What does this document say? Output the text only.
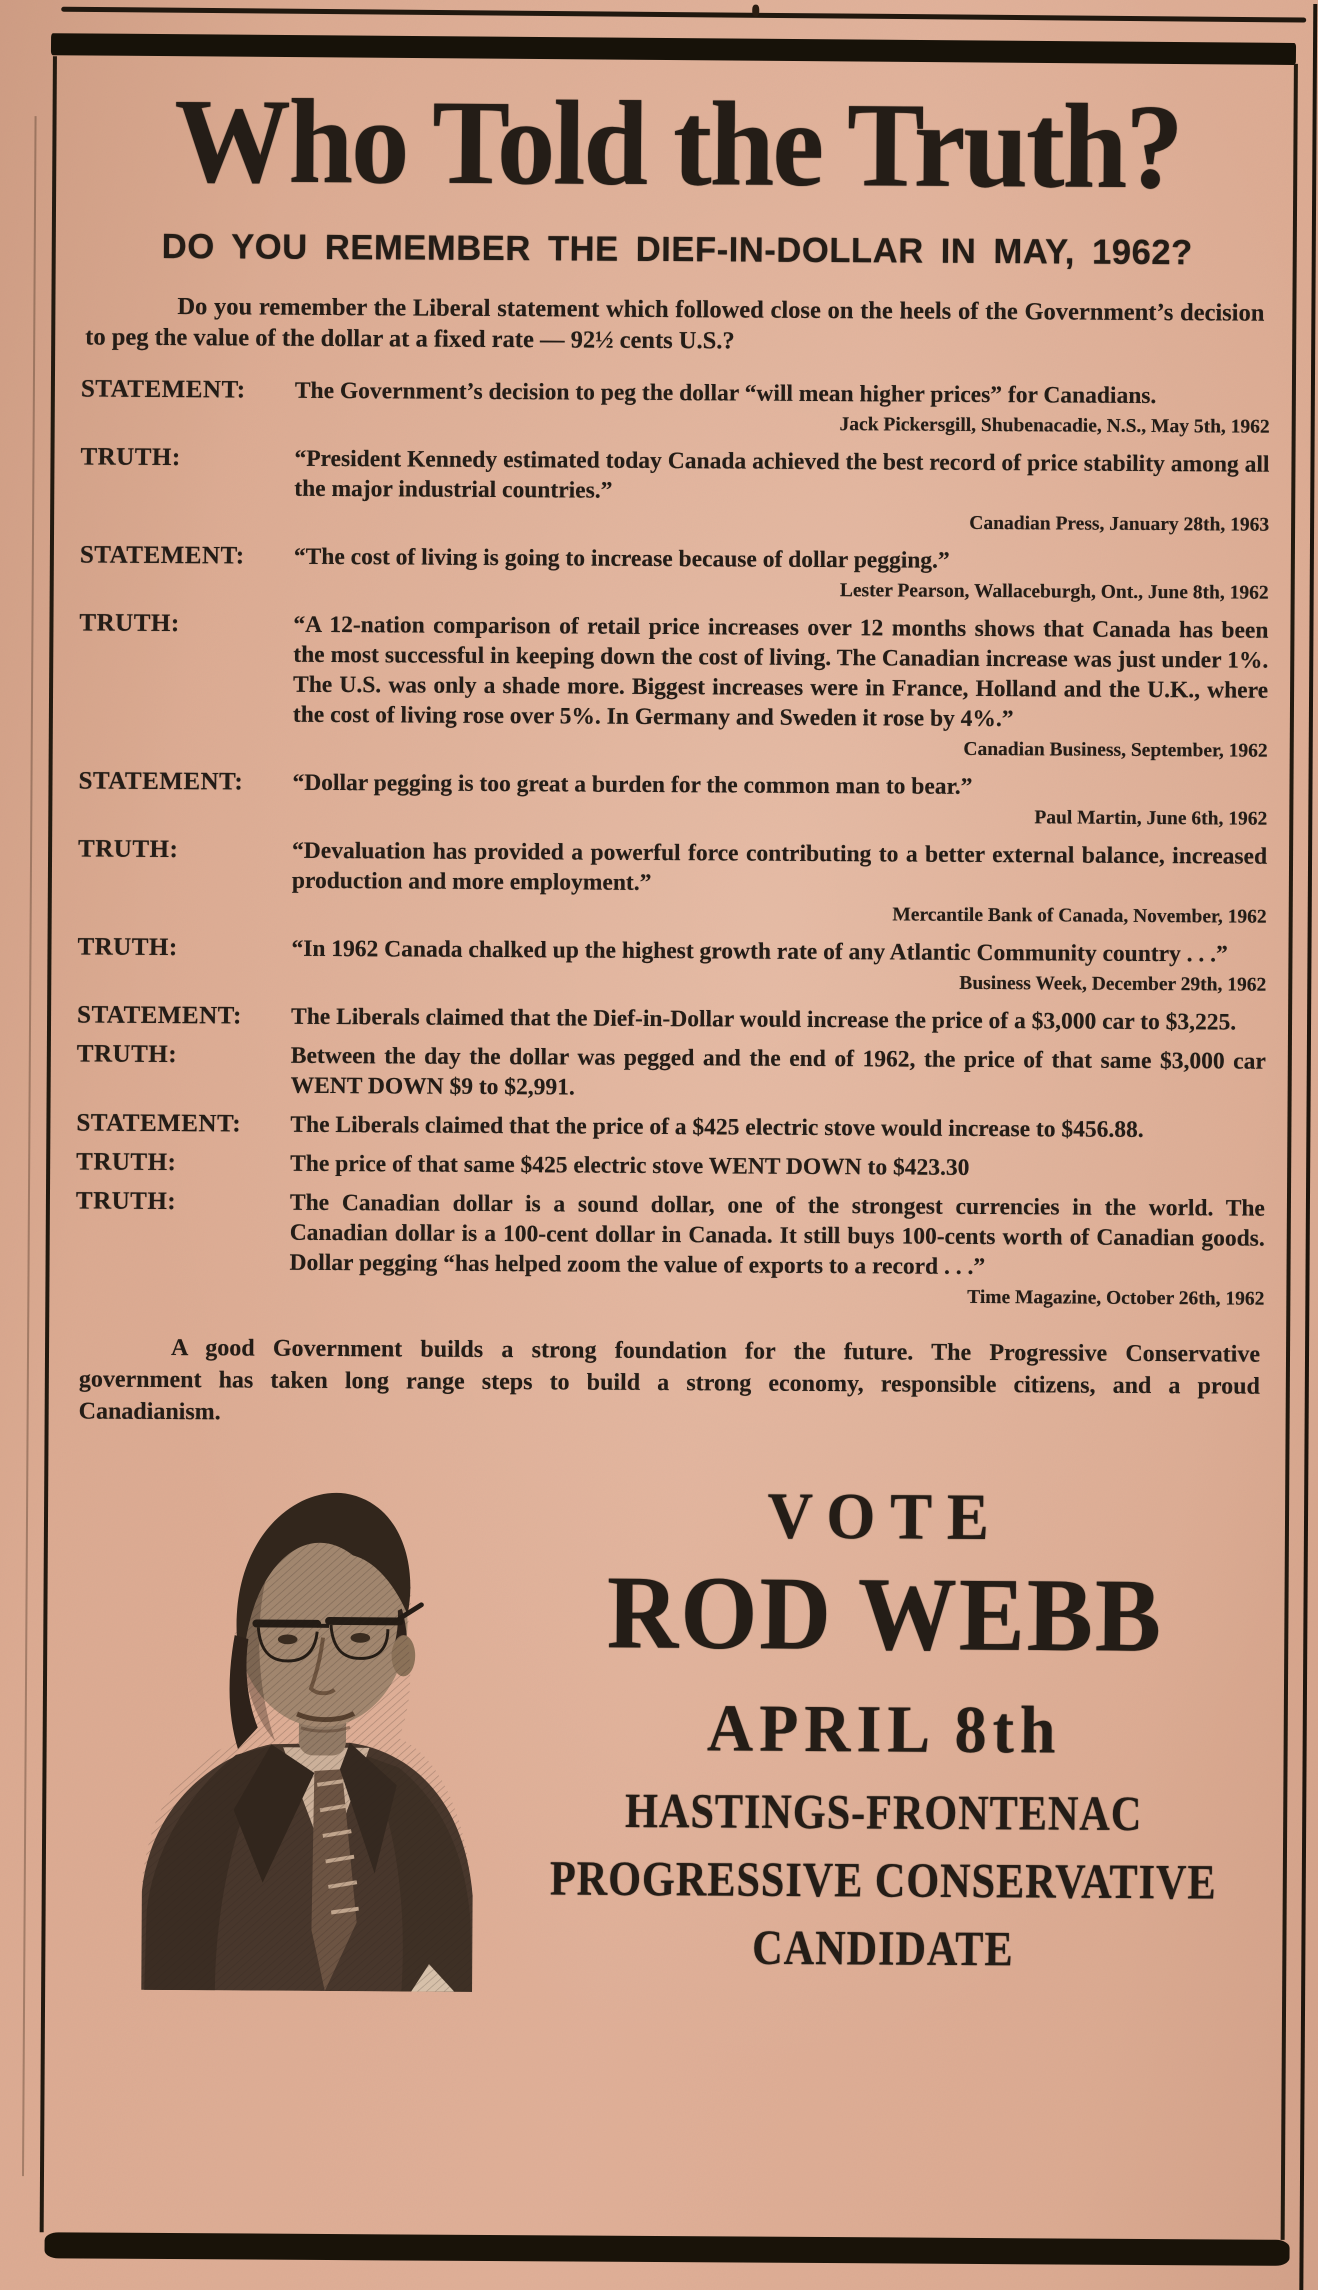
Who Told the Truth?
DO YOU REMEMBER THE DIEF-IN-DOLLAR IN MAY, 1962?

Do you remember the Liberal statement which followed close on the heels of the Government’s decision to peg the value of the dollar at a fixed rate — 92½ cents U.S.?

STATEMENT:	The Government’s decision to peg the dollar “will mean higher prices” for Canadians.

Jack Pickersgill, Shubenacadie, N.S., May 5th, 1962

TRUTH:	“President Kennedy estimated today Canada achieved the best record of price stability among all the major industrial countries.”

Canadian Press, January 28th, 1963

STATEMENT:	“The cost of living is going to increase because of dollar pegging.”

Lester Pearson, Wallaceburgh, Ont., June 8th, 1962

TRUTH:	“A 12-nation comparison of retail price increases over 12 months shows that Canada has been the most successful in keeping down the cost of living. The Canadian increase was just under 1%. The U.S. was only a shade more. Biggest increases were in France, Holland and the U.K., where the cost of living rose over 5%. In Germany and Sweden it rose by 4%.”

Canadian Business, September, 1962

STATEMENT:	“Dollar pegging is too great a burden for the common man to bear.”

Paul Martin, June 6th, 1962

TRUTH:	“Devaluation has provided a powerful force contributing to a better external balance, increased production and more employment.”

Mercantile Bank of Canada, November, 1962

TRUTH:	“In 1962 Canada chalked up the highest growth rate of any Atlantic Community country . . .”

Business Week, December 29th, 1962

STATEMENT:	The Liberals claimed that the Dief-in-Dollar would increase the price of a $3,000 car to $3,225.

TRUTH:	Between the day the dollar was pegged and the end of 1962, the price of that same $3,000 car WENT DOWN $9 to $2,991.

STATEMENT:	The Liberals claimed that the price of a $425 electric stove would increase to $456.88.

TRUTH:	The price of that same $425 electric stove WENT DOWN to $423.30

TRUTH:	The Canadian dollar is a sound dollar, one of the strongest currencies in the world. The Canadian dollar is a 100-cent dollar in Canada. It still buys 100-cents worth of Canadian goods. Dollar pegging “has helped zoom the value of exports to a record . . .”

Time Magazine, October 26th, 1962

A good Government builds a strong foundation for the future. The Progressive Conservative government has taken long range steps to build a strong economy, responsible citizens, and a proud Canadianism.

VOTE
ROD WEBB
APRIL 8th
HASTINGS-FRONTENAC
PROGRESSIVE CONSERVATIVE
CANDIDATE
